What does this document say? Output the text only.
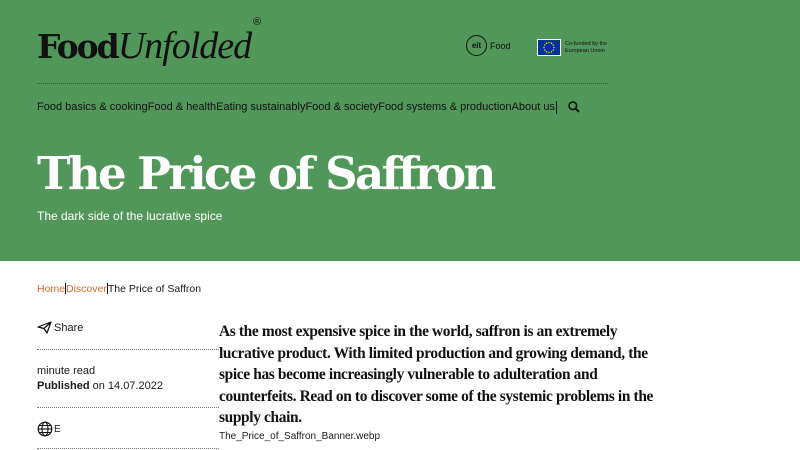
Food Unfolded
®
eit Food	Co-funded by the European Union
Food basics & cooking Food & health Eating sustainably Food & society Food systems & production About us
The Price of Saffron

The dark side of the lucrative spice

Home Discover The Price of Saffron
Share
minute read
Published on 14.07.2022
E

As the most expensive spice in the world, saffron is an extremely lucrative product. With limited production and growing demand, the spice has become increasingly vulnerable to adulteration and counterfeits. Read on to discover some of the systemic problems in the supply chain.

The_Price_of_Saffron_Banner.webp
